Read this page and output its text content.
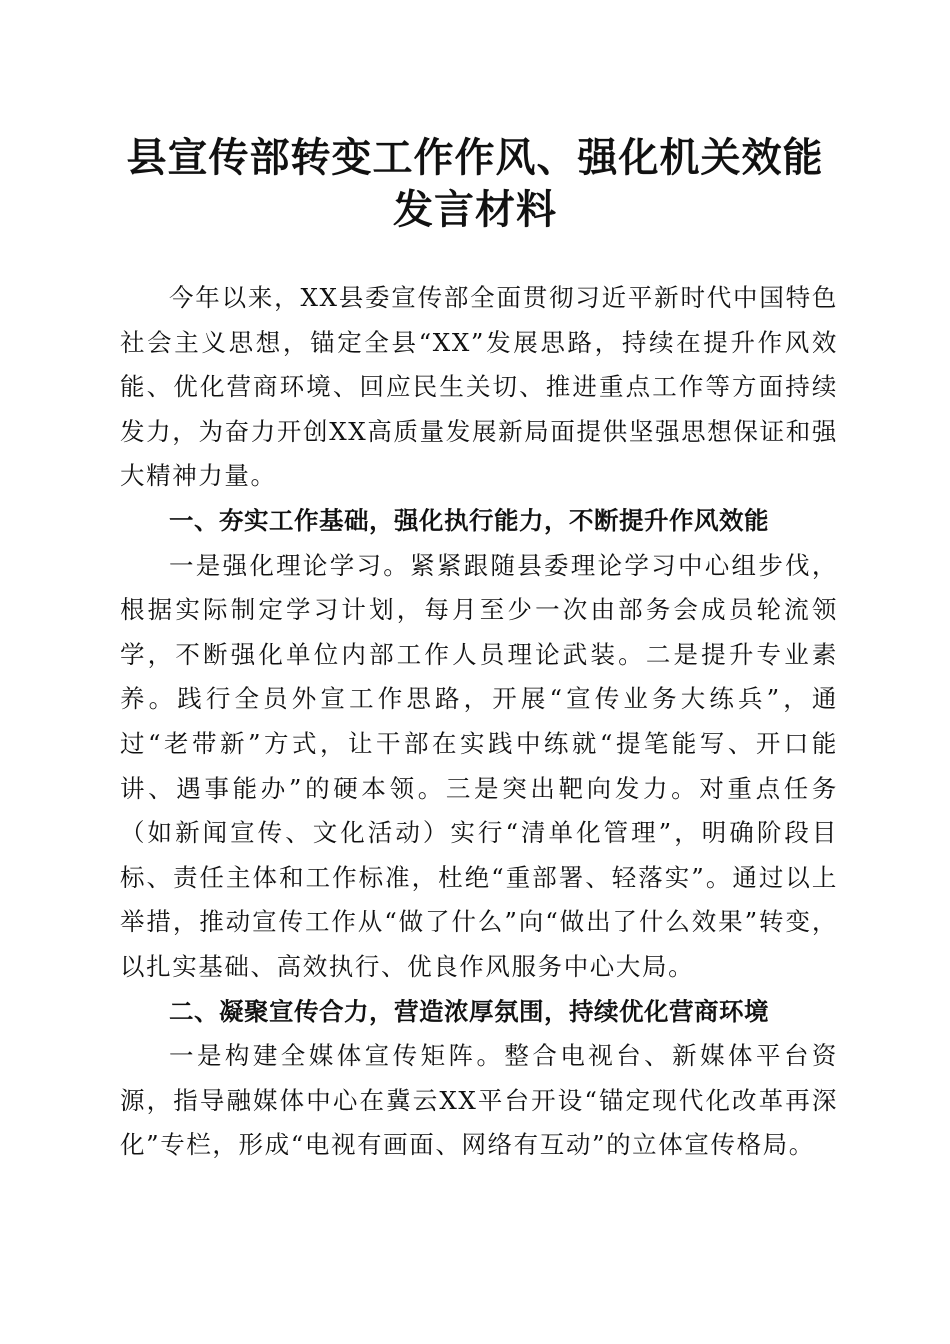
县宣传部转变工作作风、强化机关效能发言材料

今年以来，XX县委宣传部全面贯彻习近平新时代中国特色社会主义思想，锚定全县“XX”发展思路，持续在提升作风效能、优化营商环境、回应民生关切、推进重点工作等方面持续发力，为奋力开创XX高质量发展新局面提供坚强思想保证和强大精神力量。

一、夯实工作基础，强化执行能力，不断提升作风效能

一是强化理论学习。紧紧跟随县委理论学习中心组步伐，根据实际制定学习计划，每月至少一次由部务会成员轮流领学，不断强化单位内部工作人员理论武装。二是提升专业素养。践行全员外宣工作思路，开展“宣传业务大练兵”，通过“老带新”方式，让干部在实践中练就“提笔能写、开口能讲、遇事能办”的硬本领。三是突出靶向发力。对重点任务（如新闻宣传、文化活动）实行“清单化管理”，明确阶段目标、责任主体和工作标准，杜绝“重部署、轻落实”。通过以上举措，推动宣传工作从“做了什么”向“做出了什么效果”转变，以扎实基础、高效执行、优良作风服务中心大局。

二、凝聚宣传合力，营造浓厚氛围，持续优化营商环境

一是构建全媒体宣传矩阵。整合电视台、新媒体平台资源，指导融媒体中心在冀云XX平台开设“锚定现代化改革再深化”专栏，形成“电视有画面、网络有互动”的立体宣传格局。
